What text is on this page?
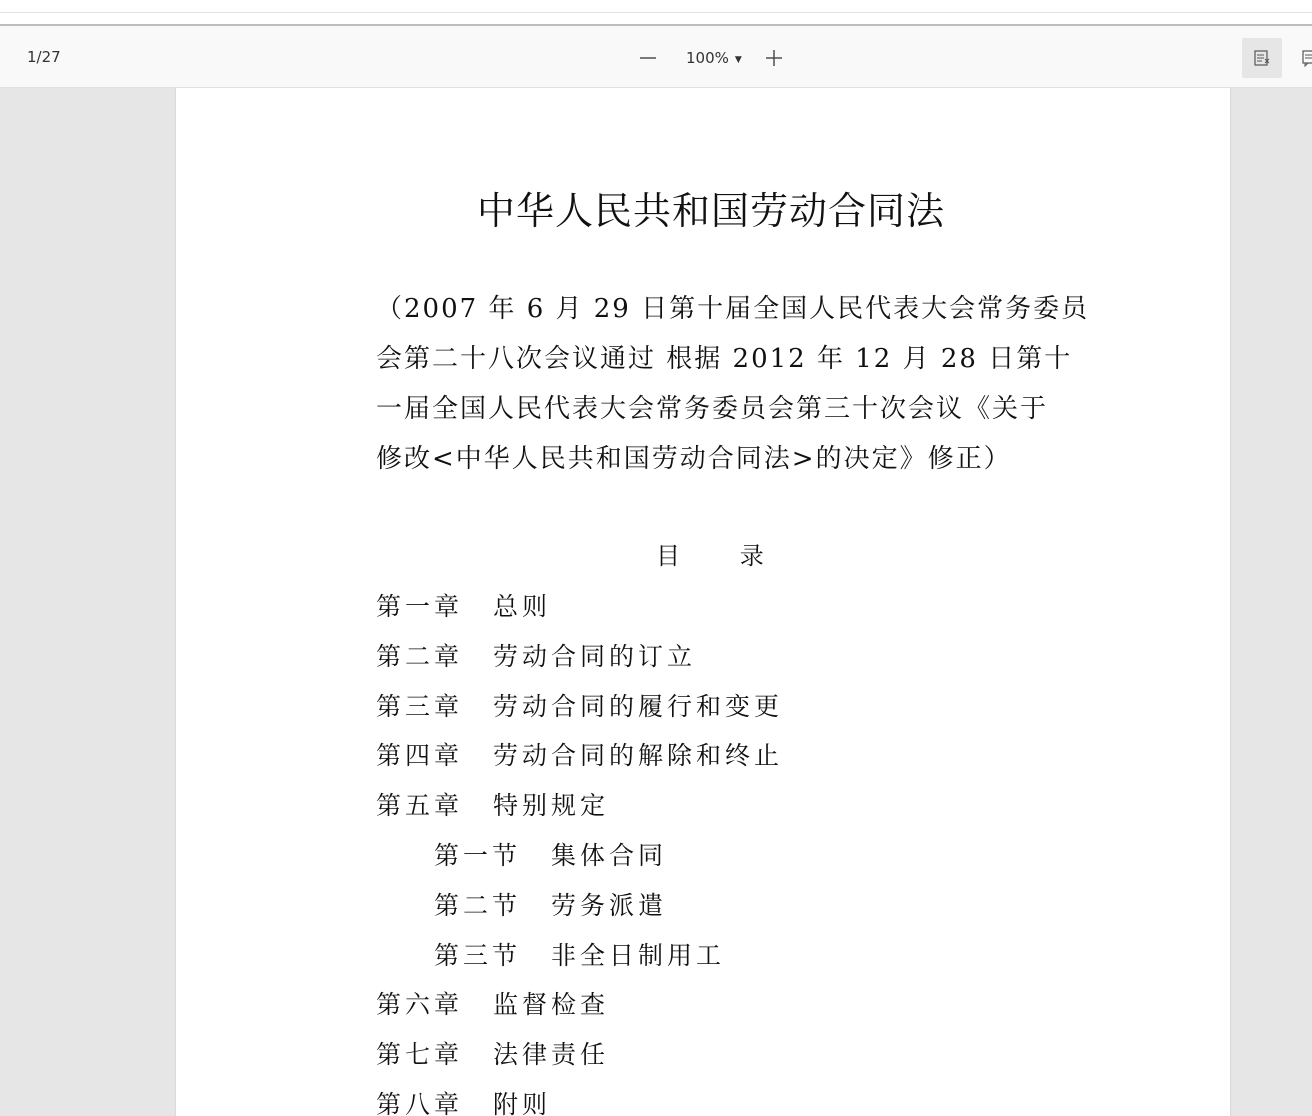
1/27	100% ▼
中华人民共和国劳动合同法
（2007 年 6 月 29 日第十届全国人民代表大会常务委员
会第二十八次会议通过 根据 2012 年 12 月 28 日第十
一届全国人民代表大会常务委员会第三十次会议《关于
修改<中华人民共和国劳动合同法>的决定》修正）
目      录
第一章 总则
第二章 劳动合同的订立
第三章 劳动合同的履行和变更
第四章 劳动合同的解除和终止
第五章 特别规定
第一节 集体合同
第二节 劳务派遣
第三节 非全日制用工
第六章 监督检查
第七章 法律责任
第八章 附则
